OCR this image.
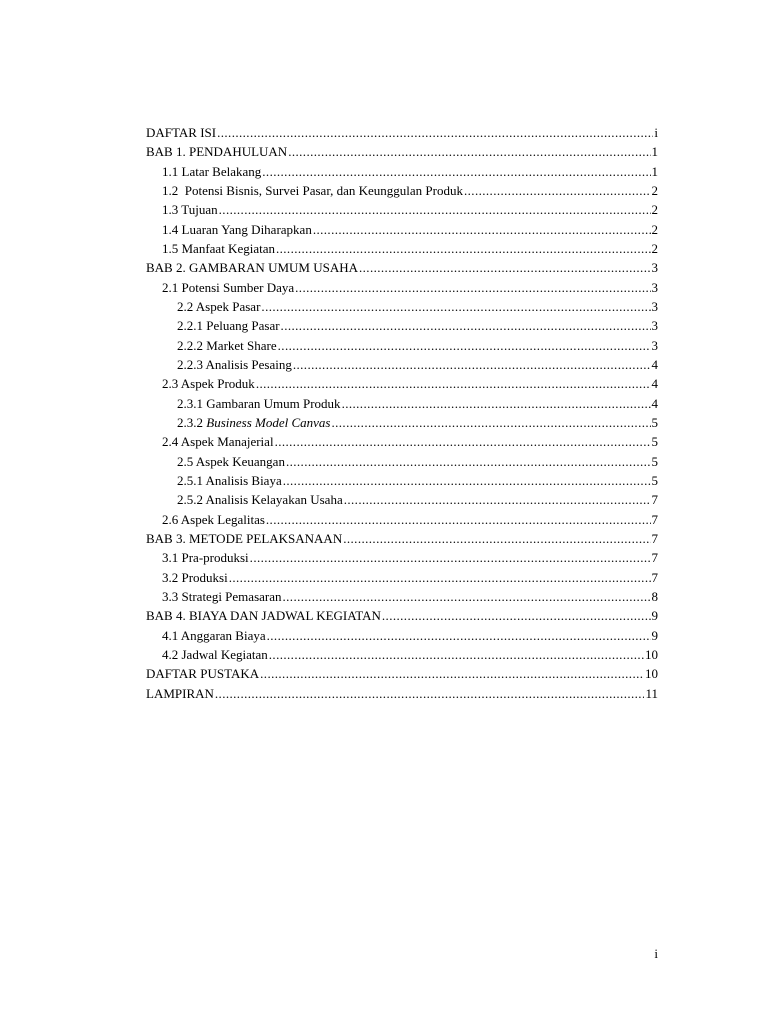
DAFTAR ISI .....	i
BAB 1. PENDAHULUAN .....	1
1.1 Latar Belakang .....	1
1.2  Potensi Bisnis, Survei Pasar, dan Keunggulan Produk .....	2
1.3 Tujuan .....	2
1.4 Luaran Yang Diharapkan .....	2
1.5 Manfaat Kegiatan .....	2
BAB 2. GAMBARAN UMUM USAHA .....	3
2.1 Potensi Sumber Daya .....	3
2.2 Aspek Pasar .....	3
2.2.1 Peluang Pasar .....	3
2.2.2 Market Share .....	3
2.2.3 Analisis Pesaing .....	4
2.3 Aspek Produk .....	4
2.3.1 Gambaran Umum Produk .....	4
2.3.2 Business Model Canvas .....	5
2.4 Aspek Manajerial .....	5
2.5 Aspek Keuangan .....	5
2.5.1 Analisis Biaya .....	5
2.5.2 Analisis Kelayakan Usaha .....	7
2.6 Aspek Legalitas .....	7
BAB 3. METODE PELAKSANAAN .....	7
3.1 Pra-produksi .....	7
3.2 Produksi .....	7
3.3 Strategi Pemasaran .....	8
BAB 4. BIAYA DAN JADWAL KEGIATAN .....	9
4.1 Anggaran Biaya .....	9
4.2 Jadwal Kegiatan .....	10
DAFTAR PUSTAKA .....	10
LAMPIRAN .....	11
i
